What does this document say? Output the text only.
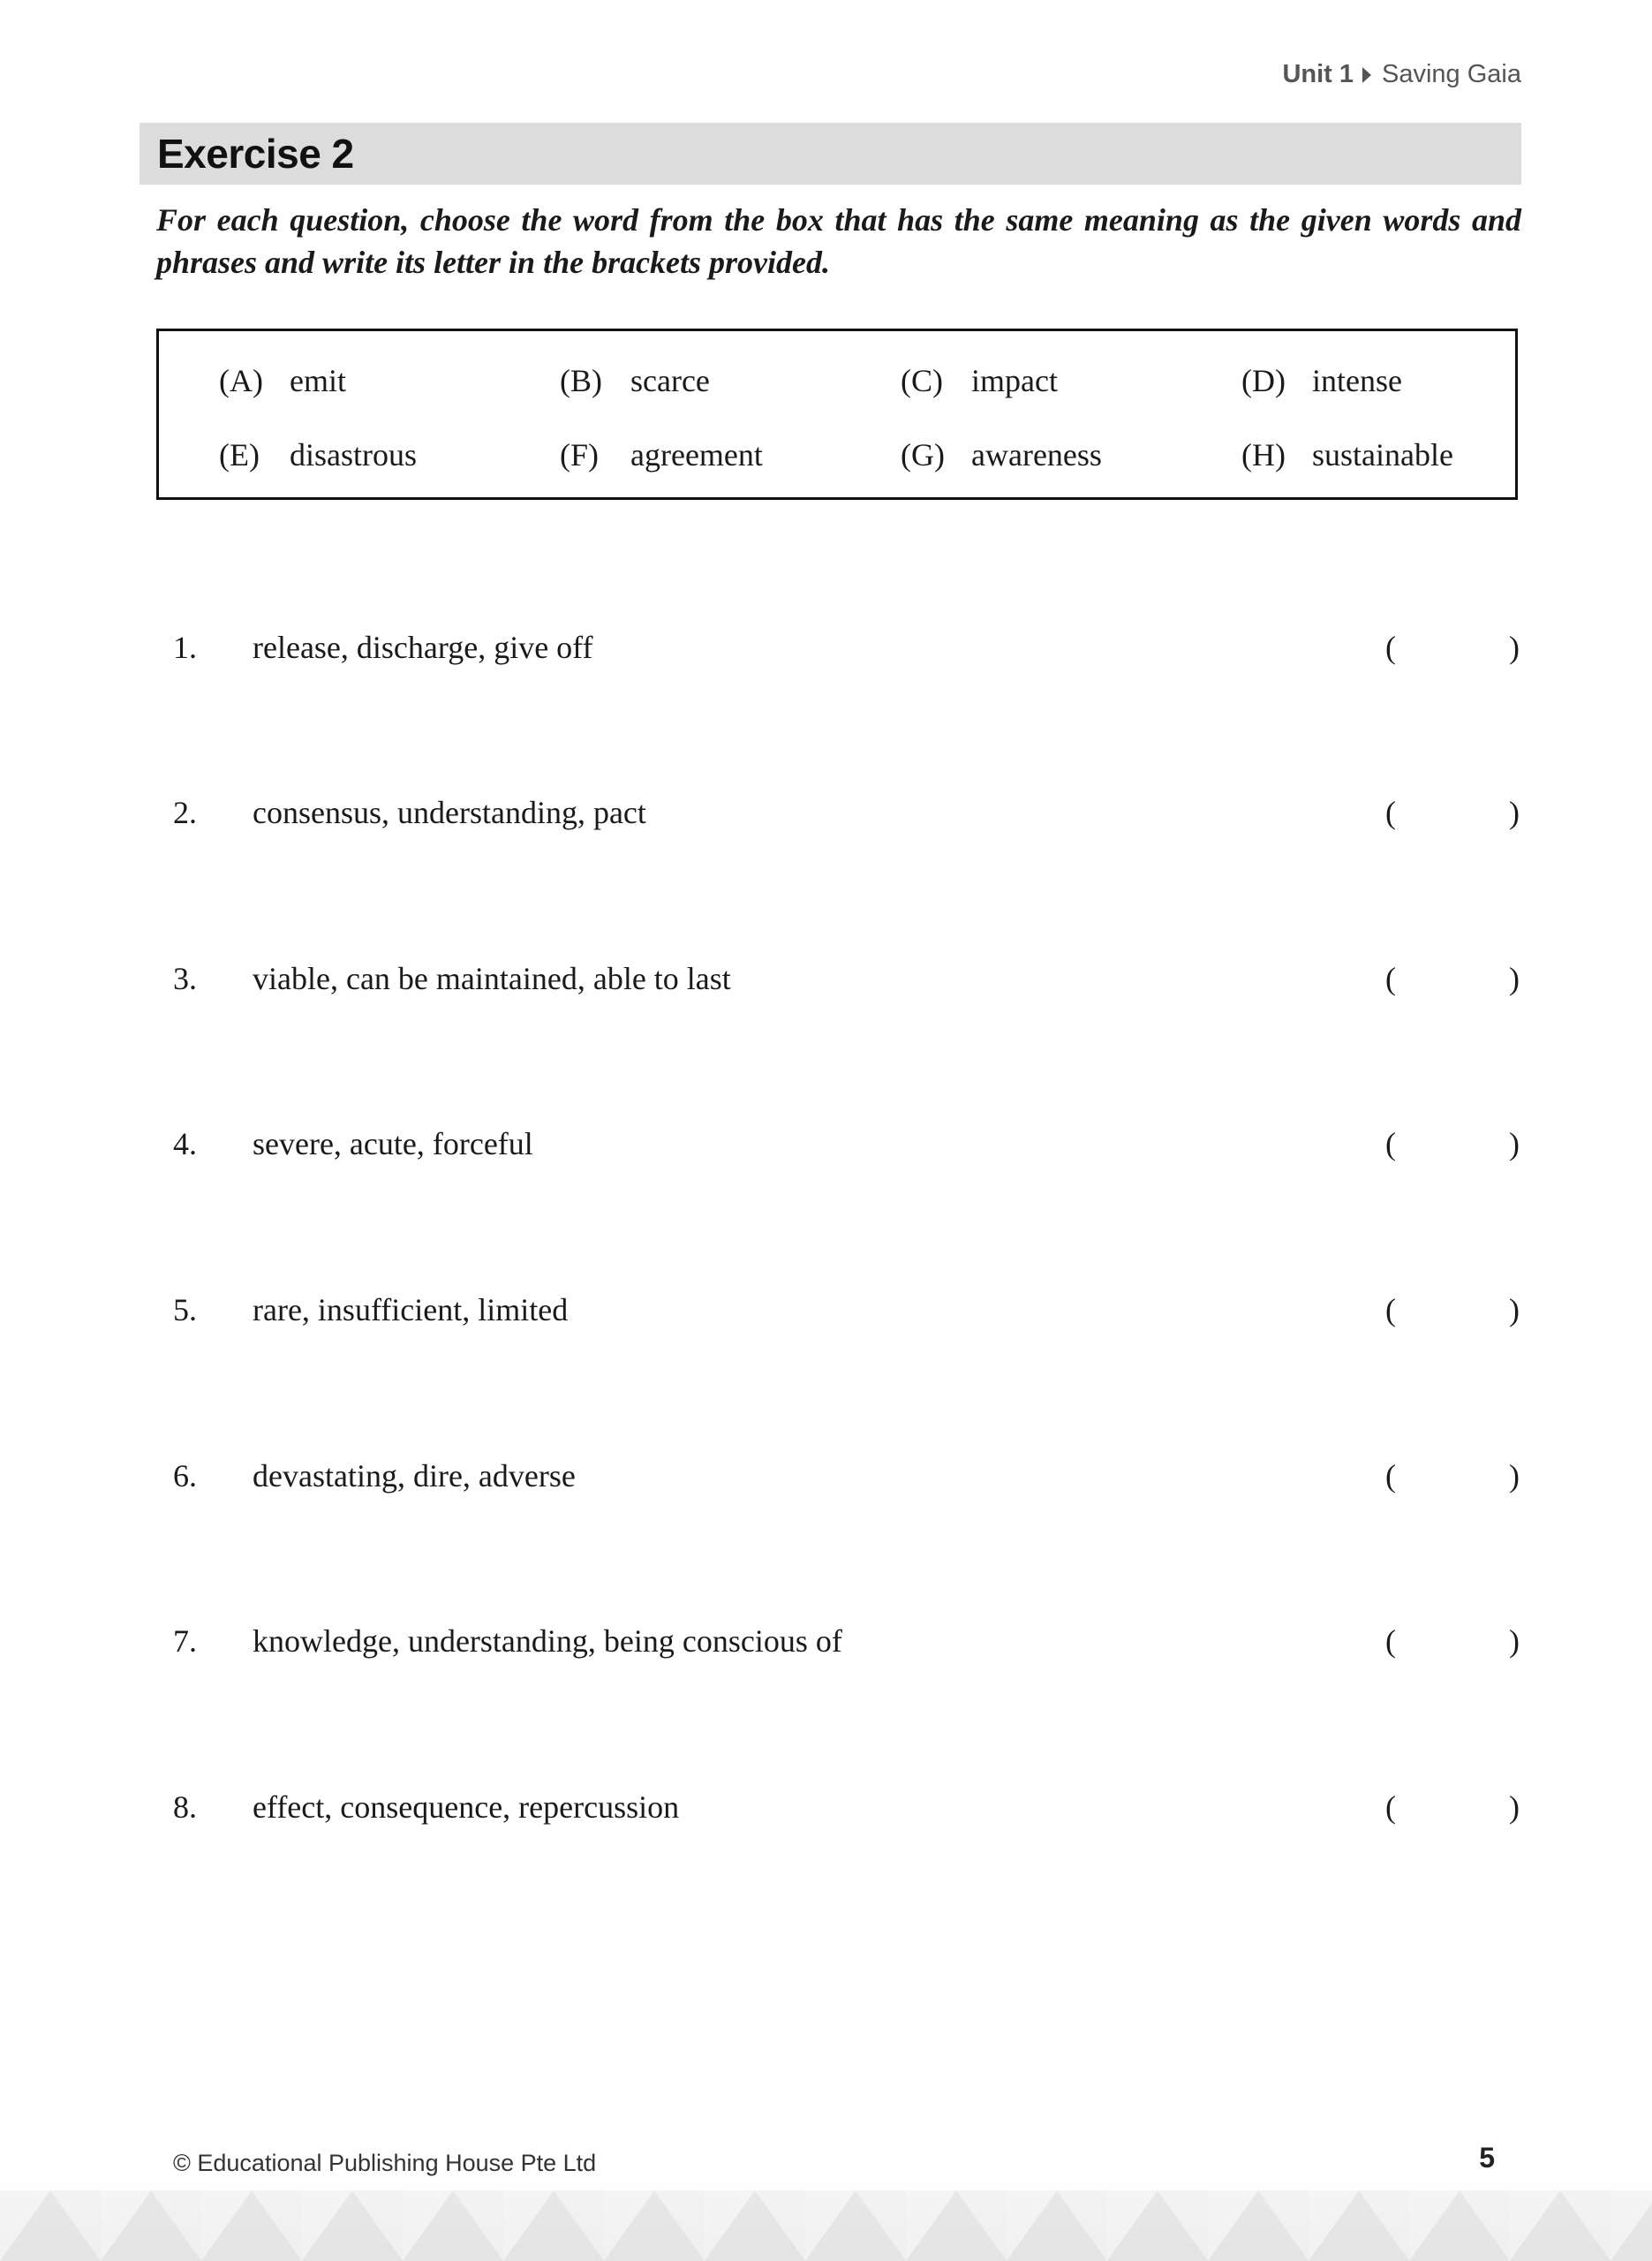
Unit 1 Saving Gaia
Exercise 2
For each question, choose the word from the box that has the same meaning as the given words and phrases and write its letter in the brackets provided.
(A) emit	(B) scarce	(C) impact	(D) intense
(E) disastrous	(F)	agreement	(G) awareness	(H) sustainable
1.	release, discharge, give off	(	)
2.	consensus, understanding, pact	(	)
3.	viable, can be maintained, able to last	(	)
4.	severe, acute, forceful	(	)
5.	rare, insufficient, limited	(	)
6.	devastating, dire, adverse	(	)
7.	knowledge, understanding, being conscious of	(	)
8.	effect, consequence, repercussion	(	)
© Educational Publishing House Pte Ltd	5
